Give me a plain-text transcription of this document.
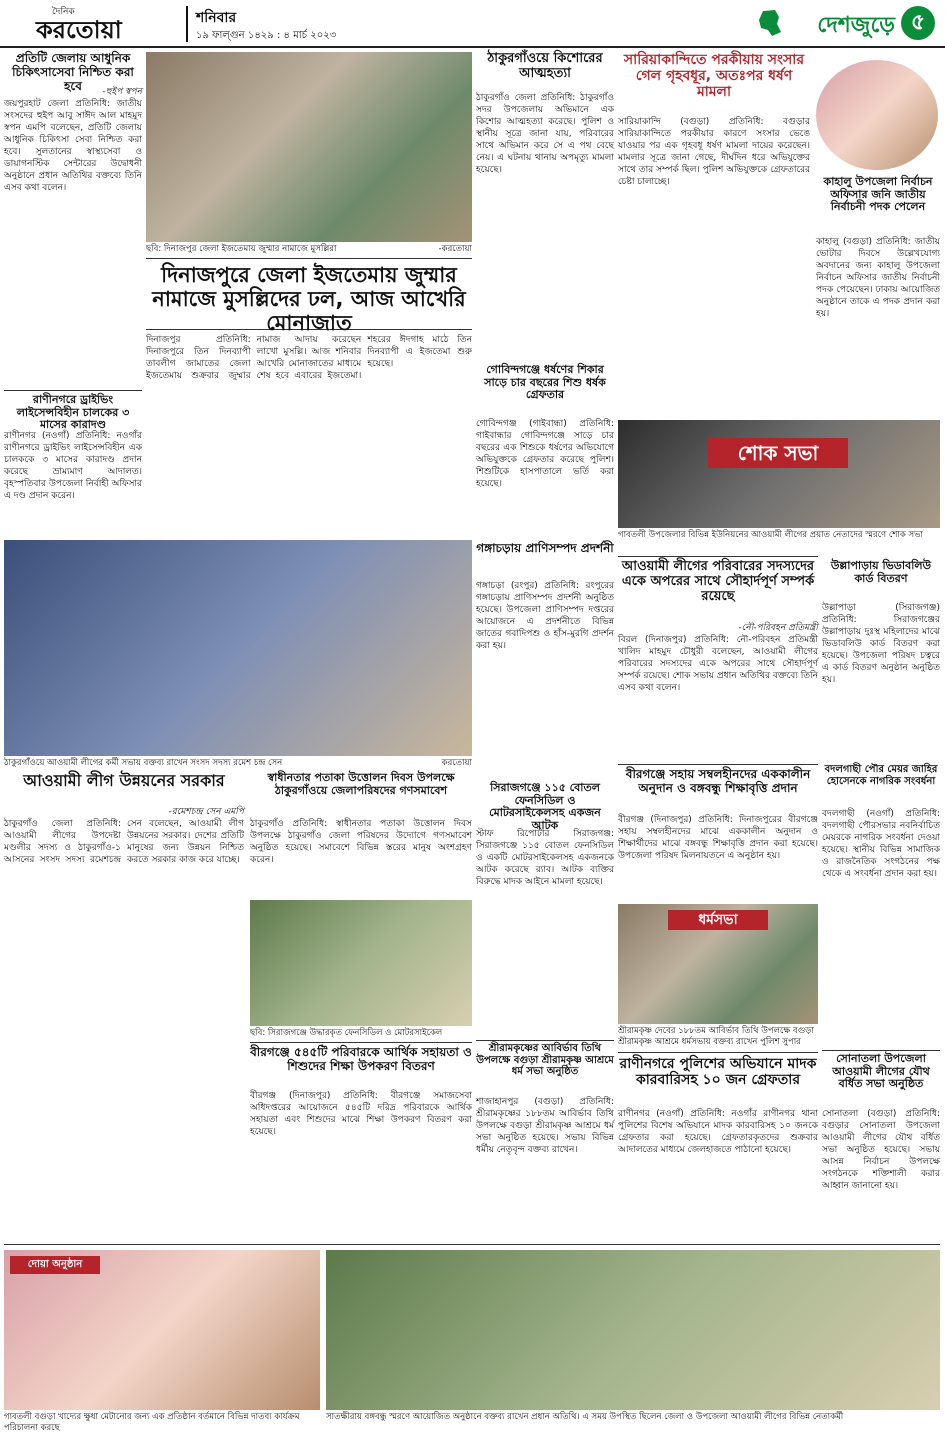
দৈনিক
করতোয়া	শনিবার
১৯ ফাল্গুন ১৪২৯ : ৪ মার্চ ২০২৩	দেশজুড়ে ৫
প্রতিটি জেলায় আধুনিক চিকিৎসাসেবা নিশ্চিত করা হবে	-হুইপ স্বপন

জয়পুরহাট জেলা প্রতিনিধি: জাতীয় সংসদের হুইপ আবু সাঈদ আল মাহমুদ স্বপন এমপি বলেছেন, প্রতিটি জেলায় আধুনিক চিকিৎসা সেবা নিশ্চিত করা হবে। সুলতানের স্বাস্থ্যসেবা ও ডায়াগনস্টিক সেন্টারের উদ্বোধনী অনুষ্ঠানে প্রধান অতিথির বক্তব্যে তিনি এসব কথা বলেন।

রাণীনগরে ড্রাইভিং লাইসেন্সবিহীন চালকের ৩ মাসের কারাদণ্ড

রাণীনগর (নওগাঁ) প্রতিনিধি: নওগাঁর রাণীনগরে ড্রাইভিং লাইসেন্সবিহীন এক চালককে ৩ মাসের কারাদণ্ড প্রদান করেছে ভ্রাম্যমাণ আদালত। বৃহস্পতিবার উপজেলা নির্বাহী অফিসার এ দণ্ড প্রদান করেন।

ছবি: দিনাজপুর জেলা ইজতেমায় জুম্মার নামাজে মুসল্লিরা	-করতোয়া
দিনাজপুরে জেলা ইজতেমায় জুম্মার নামাজে মুসল্লিদের ঢল, আজ আখেরি মোনাজাত

দিনাজপুর প্রতিনিধি: দিনাজপুরে তিন দিনব্যাপী তাবলীগ জামাতের জেলা ইজতেমায় শুক্রবার জুম্মার নামাজ আদায় করেছেন লাখো মুসল্লি। আজ শনিবার আখেরি মোনাজাতের মাধ্যমে শেষ হবে এবারের ইজতেমা। শহরের ঈদগাহ মাঠে তিন দিনব্যাপী এ ইজতেমা শুরু হয়েছে।

ঠাকুরগাঁওয়ে কিশোরের আত্মহত্যা

ঠাকুরগাঁও জেলা প্রতিনিধি: ঠাকুরগাঁও সদর উপজেলায় অভিমানে এক কিশোর আত্মহত্যা করেছে। পুলিশ ও স্থানীয় সূত্রে জানা যায়, পরিবারের সাথে অভিমান করে সে এ পথ বেছে নেয়। এ ঘটনায় থানায় অপমৃত্যু মামলা হয়েছে।

সারিয়াকান্দিতে পরকীয়ায় সংসার গেল গৃহবধূর, অতঃপর ধর্ষণ মামলা

সারিয়াকান্দি (বগুড়া) প্রতিনিধি: বগুড়ার সারিয়াকান্দিতে পরকীয়ার কারণে সংসার ভেঙে যাওয়ার পর এক গৃহবধূ ধর্ষণ মামলা দায়ের করেছেন। মামলার সূত্রে জানা গেছে, দীর্ঘদিন ধরে অভিযুক্তের সাথে তার সম্পর্ক ছিল। পুলিশ অভিযুক্তকে গ্রেফতারের চেষ্টা চালাচ্ছে।	কাহালু উপজেলা নির্বাচন অফিসার জনি জাতীয় নির্বাচনী পদক পেলেন

কাহালু (বগুড়া) প্রতিনিধি: জাতীয় ভোটার দিবসে উল্লেখযোগ্য অবদানের জন্য কাহালু উপজেলা নির্বাচন অফিসার জাতীয় নির্বাচনী পদক পেয়েছেন। ঢাকায় আয়োজিত অনুষ্ঠানে তাকে এ পদক প্রদান করা হয়।

গোবিন্দগঞ্জে ধর্ষণের শিকার সাড়ে চার বছরের শিশু ধর্ষক গ্রেফতার

গোবিন্দগঞ্জ (গাইবান্ধা) প্রতিনিধি: গাইবান্ধার গোবিন্দগঞ্জে সাড়ে চার বছরের এক শিশুকে ধর্ষণের অভিযোগে অভিযুক্তকে গ্রেফতার করেছে পুলিশ। শিশুটিকে হাসপাতালে ভর্তি করা হয়েছে।

শোক সভা
গাবতলী উপজেলার বিভিন্ন ইউনিয়নের আওয়ামী লীগের প্রয়াত নেতাদের স্মরণে শোক সভা
ঠাকুরগাঁওয়ে আওয়ামী লীগের কর্মী সভায় বক্তব্য রাখেন সংসদ সদস্য রমেশ চন্দ্র সেন	করতোয়া
গঙ্গাচড়ায় প্রাণিসম্পদ প্রদর্শনী

গঙ্গাচড়া (রংপুর) প্রতিনিধি: রংপুরের গঙ্গাচড়ায় প্রাণিসম্পদ প্রদর্শনী অনুষ্ঠিত হয়েছে। উপজেলা প্রাণিসম্পদ দপ্তরের আয়োজনে এ প্রদর্শনীতে বিভিন্ন জাতের গবাদিপশু ও হাঁস-মুরগি প্রদর্শন করা হয়।

আওয়ামী লীগের পরিবারের সদস্যদের একে অপরের সাথে সৌহার্দপূর্ণ সম্পর্ক রয়েছে
-নৌ-পরিবহন প্রতিমন্ত্রী

বিরল (দিনাজপুর) প্রতিনিধি: নৌ-পরিবহন প্রতিমন্ত্রী খালিদ মাহমুদ চৌধুরী বলেছেন, আওয়ামী লীগের পরিবারের সদস্যদের একে অপরের সাথে সৌহার্দপূর্ণ সম্পর্ক রয়েছে। শোক সভায় প্রধান অতিথির বক্তব্যে তিনি এসব কথা বলেন।

উল্লাপাড়ায় ভিডাবলিউ কার্ড বিতরণ

উল্লাপাড়া (সিরাজগঞ্জ) প্রতিনিধি: সিরাজগঞ্জের উল্লাপাড়ায় দুঃস্থ মহিলাদের মাঝে ভিডাবলিউ কার্ড বিতরণ করা হয়েছে। উপজেলা পরিষদ চত্বরে এ কার্ড বিতরণ অনুষ্ঠান অনুষ্ঠিত হয়।

বদলগাছী পৌর মেয়র জাহির হোসেনকে নাগরিক সংবর্ধনা

বদলগাছী (নওগাঁ) প্রতিনিধি: বদলগাছী পৌরসভার নবনির্বাচিত মেয়রকে নাগরিক সংবর্ধনা দেওয়া হয়েছে। স্থানীয় বিভিন্ন সামাজিক ও রাজনৈতিক সংগঠনের পক্ষ থেকে এ সংবর্ধনা প্রদান করা হয়।

আওয়ামী লীগ উন্নয়নের সরকার
-রমেশচন্দ্র সেন এমপি

ঠাকুরগাঁও জেলা প্রতিনিধি: আওয়ামী লীগের উপদেষ্টা মণ্ডলীর সদস্য ও ঠাকুরগাঁও-১ আসনের সংসদ সদস্য রমেশচন্দ্র সেন বলেছেন, আওয়ামী লীগ উন্নয়নের সরকার। দেশের প্রতিটি মানুষের জন্য উন্নয়ন নিশ্চিত করতে সরকার কাজ করে যাচ্ছে।

স্বাধীনতার পতাকা উত্তোলন দিবস উপলক্ষে ঠাকুরগাঁওয়ে জেলাপরিষদের গণসমাবেশ

ঠাকুরগাঁও প্রতিনিধি: স্বাধীনতার পতাকা উত্তোলন দিবস উপলক্ষে ঠাকুরগাঁও জেলা পরিষদের উদ্যোগে গণসমাবেশ অনুষ্ঠিত হয়েছে। সমাবেশে বিভিন্ন স্তরের মানুষ অংশগ্রহণ করেন।

ছবি: সিরাজগঞ্জে উদ্ধারকৃত ফেনসিডিল ও মোটরসাইকেল
সিরাজগঞ্জে ১১৫ বোতল ফেনসিডিল ও মোটরসাইকেলসহ একজন আটক

স্টাফ রিপোর্টার সিরাজগঞ্জ: সিরাজগঞ্জে ১১৫ বোতল ফেনসিডিল ও একটি মোটরসাইকেলসহ একজনকে আটক করেছে র‍্যাব। আটক ব্যক্তির বিরুদ্ধে মাদক আইনে মামলা হয়েছে।

বীরগঞ্জে সহায় সম্বলহীনদের এককালীন অনুদান ও বঙ্গবন্ধু শিক্ষাবৃত্তি প্রদান

বীরগঞ্জ (দিনাজপুর) প্রতিনিধি: দিনাজপুরের বীরগঞ্জে সহায় সম্বলহীনদের মাঝে এককালীন অনুদান ও শিক্ষার্থীদের মাঝে বঙ্গবন্ধু শিক্ষাবৃত্তি প্রদান করা হয়েছে। উপজেলা পরিষদ মিলনায়তনে এ অনুষ্ঠান হয়।

বীরগঞ্জে ৫৪৫টি পরিবারকে আর্থিক সহায়তা ও শিশুদের শিক্ষা উপকরণ বিতরণ

বীরগঞ্জ (দিনাজপুর) প্রতিনিধি: বীরগঞ্জে সমাজসেবা অধিদপ্তরের আয়োজনে ৫৪৫টি দরিদ্র পরিবারকে আর্থিক সহায়তা এবং শিশুদের মাঝে শিক্ষা উপকরণ বিতরণ করা হয়েছে।

শ্রীরামকৃষ্ণের আবির্ভাব তিথি উপলক্ষে বগুড়া শ্রীরামকৃষ্ণ আশ্রমে ধর্ম সভা অনুষ্ঠিত

শাজাহানপুর (বগুড়া) প্রতিনিধি: শ্রীরামকৃষ্ণের ১৮৮তম আবির্ভাব তিথি উপলক্ষে বগুড়া শ্রীরামকৃষ্ণ আশ্রমে ধর্ম সভা অনুষ্ঠিত হয়েছে। সভায় বিভিন্ন ধর্মীয় নেতৃবৃন্দ বক্তব্য রাখেন।

ধর্মসভা
শ্রীরামকৃষ্ণ দেবের ১৮৮তম আবির্ভাব তিথি উপলক্ষে বগুড়া শ্রীরামকৃষ্ণ আশ্রমে ধর্মসভায় বক্তব্য রাখেন পুলিশ সুপার
রাণীনগরে পুলিশের অভিযানে মাদক কারবারিসহ ১০ জন গ্রেফতার

রাণীনগর (নওগাঁ) প্রতিনিধি: নওগাঁর রাণীনগর থানা পুলিশের বিশেষ অভিযানে মাদক কারবারিসহ ১০ জনকে গ্রেফতার করা হয়েছে। গ্রেফতারকৃতদের শুক্রবার আদালতের মাধ্যমে জেলহাজতে পাঠানো হয়েছে।

সোনাতলা উপজেলা আওয়ামী লীগের যৌথ বর্ধিত সভা অনুষ্ঠিত

সোনাতলা (বগুড়া) প্রতিনিধি: বগুড়ার সোনাতলা উপজেলা আওয়ামী লীগের যৌথ বর্ধিত সভা অনুষ্ঠিত হয়েছে। সভায় আসন্ন নির্বাচন উপলক্ষে সংগঠনকে শক্তিশালী করার আহ্বান জানানো হয়।

দোয়া অনুষ্ঠান
গাবতলী বগুড়া খাদ্যের ক্ষুধা মেটানোর জন্য এক প্রতিষ্ঠান বর্তমানে বিভিন্ন দাতব্য কার্যক্রম পরিচালনা করছে
সাতক্ষীরায় বঙ্গবন্ধু স্মরণে আয়োজিত অনুষ্ঠানে বক্তব্য রাখেন প্রধান অতিথি। এ সময় উপস্থিত ছিলেন জেলা ও উপজেলা আওয়ামী লীগের বিভিন্ন নেতাকর্মী
